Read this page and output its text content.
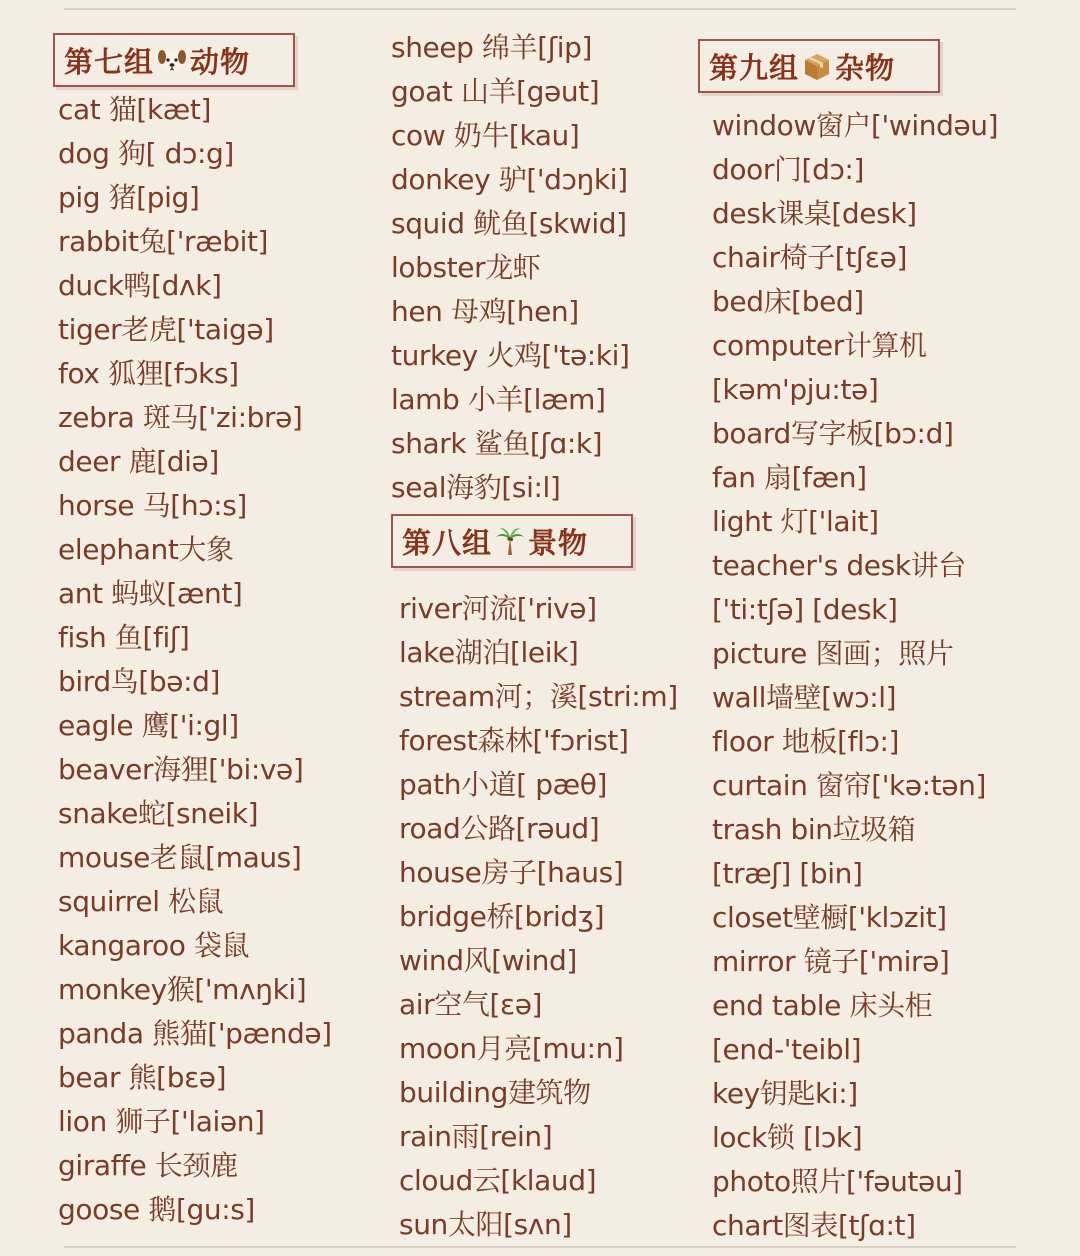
第七组 动物
cat 猫[kæt]
dog 狗[ dɔ:g]
pig 猪[pig]
rabbit兔['ræbit]
duck鸭[dʌk]
tiger老虎['taigə]
fox 狐狸[fɔks]
zebra 斑马['zi:brə]
deer 鹿[diə]
horse 马[hɔ:s]
elephant大象
ant 蚂蚁[ænt]
fish 鱼[fiʃ]
bird鸟[bə:d]
eagle 鹰['i:gl]
beaver海狸['bi:və]
snake蛇[sneik]
mouse老鼠[maus]
squirrel 松鼠
kangaroo 袋鼠
monkey猴['mʌŋki]
panda 熊猫['pændə]
bear 熊[bɛə]
lion 狮子['laiən]
giraffe 长颈鹿
goose 鹅[gu:s]
sheep 绵羊[ʃip]
goat 山羊[gəut]
cow 奶牛[kau]
donkey 驴['dɔŋki]
squid 鱿鱼[skwid]
lobster龙虾
hen 母鸡[hen]
turkey 火鸡['tə:ki]
lamb 小羊[læm]
shark 鲨鱼[ʃɑ:k]
seal海豹[si:l]
第八组 景物
river河流['rivə]
lake湖泊[leik]
stream河；溪[stri:m]
forest森林['fɔrist]
path小道[ pæθ]
road公路[rəud]
house房子[haus]
bridge桥[bridʒ]
wind风[wind]
air空气[ɛə]
moon月亮[mu:n]
building建筑物
rain雨[rein]
cloud云[klaud]
sun太阳[sʌn]
第九组 杂物
window窗户['windəu]
door门[dɔ:]
desk课桌[desk]
chair椅子[tʃɛə]
bed床[bed]
computer计算机
[kəm'pju:tə]
board写字板[bɔ:d]
fan 扇[fæn]
light 灯['lait]
teacher's desk讲台
['ti:tʃə] [desk]
picture 图画；照片
wall墙壁[wɔ:l]
floor 地板[flɔ:]
curtain 窗帘['kə:tən]
trash bin垃圾箱
[træʃ] [bin]
closet壁橱['klɔzit]
mirror 镜子['mirə]
end table 床头柜
[end-'teibl]
key钥匙ki:]
lock锁 [lɔk]
photo照片['fəutəu]
chart图表[tʃɑ:t]
